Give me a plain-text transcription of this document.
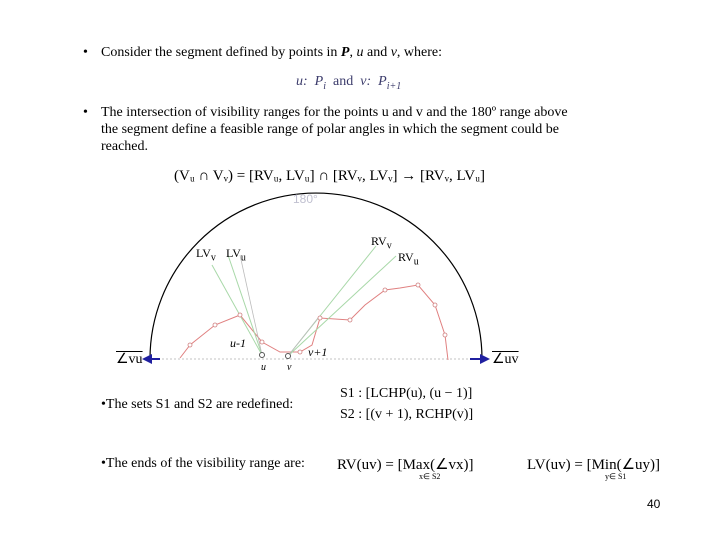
• Consider the segment defined by points in P, u and v, where:
u: $P_i$ and v: $P_{i+1}$
• The intersection of visibility ranges for the points u and v and the 180º range above
the segment define a feasible range of polar angles in which the segment could be
reached.
(Vᵤ ∩ Vᵥ) = [RVᵤ, LVᵤ] ∩ [RVᵥ, LVᵥ] → [RVᵥ, LVᵤ]
180°
$LV_v$ $LV_u$
$RV_v$
$RV_u$
u-1
v+1
u v
∠vu	∠uv
•The sets S1 and S2 are redefined:
S1 : [LCHP(u), (u − 1)]
S2 : [(v + 1), RCHP(v)]
•The ends of the visibility range are: RV(uv) = [Max(∠vx)]
x∈ S2
LV(uv) = [Min(∠uy)]
y∈ S1
40
